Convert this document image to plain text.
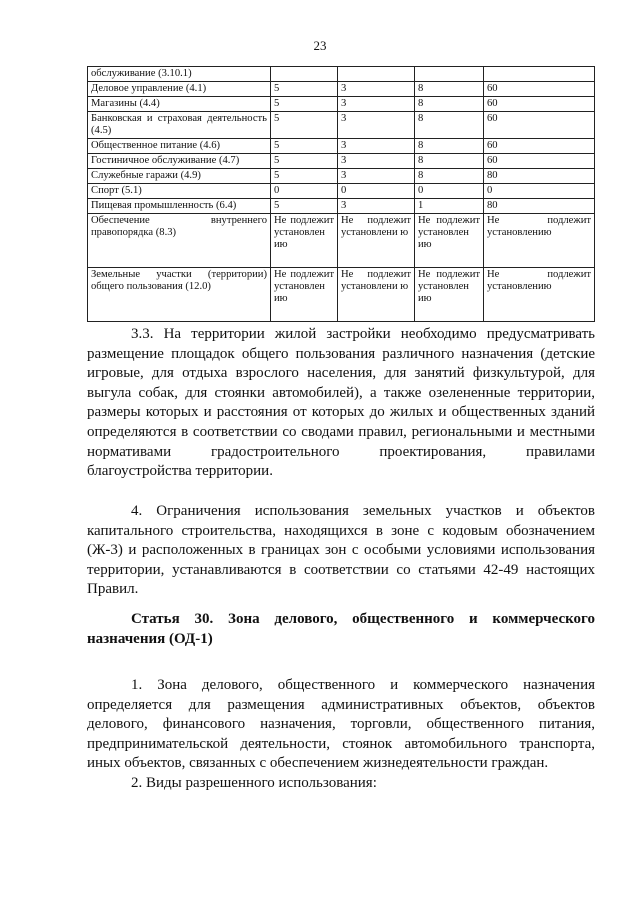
23
обслуживание (3.10.1)				
Деловое управление (4.1)	5	3	8	60
Магазины (4.4)	5	3	8	60
Банковская и страховая деятельность (4.5)	5	3	8	60
Общественное питание (4.6)	5	3	8	60
Гостиничное обслуживание (4.7)	5	3	8	60
Служебные гаражи (4.9)	5	3	8	80
Спорт (5.1)	0	0	0	0
Пищевая промышленность (6.4)	5	3	1	80
Обеспечение внутреннего правопорядка (8.3)	Не подлежит установлен ию	Не подлежит установлени ю	Не подлежит установлен ию	Не подлежит установлению
Земельные участки (территории) общего пользования (12.0)	Не подлежит установлен ию	Не подлежит установлени ю	Не подлежит установлен ию	Не подлежит установлению

3.3. На территории жилой застройки необходимо предусматривать размещение площадок общего пользования различного назначения (детские игровые, для отдыха взрослого населения, для занятий физкультурой, для выгула собак, для стоянки автомобилей), а также озелененные территории, размеры которых и расстояния от которых до жилых и общественных зданий определяются в соответствии со сводами правил, региональными и местными нормативами градостроительного проектирования, правилами благоустройства территории.

4. Ограничения использования земельных участков и объектов капитального строительства, находящихся в зоне с кодовым обозначением (Ж-3) и расположенных в границах зон с особыми условиями использования территории, устанавливаются в соответствии со статьями 42-49 настоящих Правил.

Статья 30. Зона делового, общественного и коммерческого назначения (ОД-1)

1. Зона делового, общественного и коммерческого назначения определяется для размещения административных объектов, объектов делового, финансового назначения, торговли, общественного питания, предпринимательской деятельности, стоянок автомобильного транспорта, иных объектов, связанных с обеспечением жизнедеятельности граждан.

2. Виды разрешенного использования:
